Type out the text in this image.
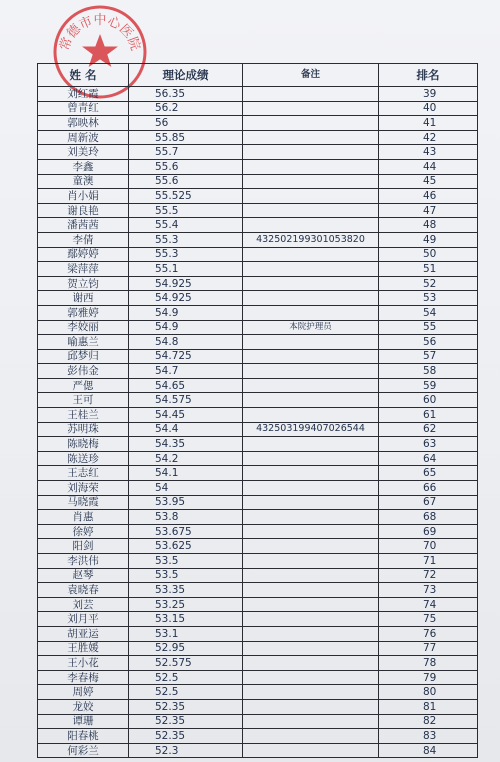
常德市中心医院
姓 名	理论成绩	备注	排名
刘红霞	56.35		39
曾青红	56.2		40
郭映林	56		41
周新波	55.85		42
刘美玲	55.7		43
李鑫	55.6		44
童澳	55.6		45
肖小娟	55.525		46
谢良艳	55.5		47
潘茜茜	55.4		48
李倩	55.3	432502199301053820	49
鄢婷婷	55.3		50
梁萍萍	55.1		51
贺立钧	54.925		52
谢西	54.925		53
郭雅婷	54.9		54
李姣丽	54.9	本院护理员	55
喻惠兰	54.8		56
邱梦归	54.725		57
彭伟金	54.7		58
严偲	54.65		59
王可	54.575		60
王桂兰	54.45		61
苏明珠	54.4	432503199407026544	62
陈晓梅	54.35		63
陈送珍	54.2		64
王志红	54.1		65
刘海荣	54		66
马晓霞	53.95		67
肖惠	53.8		68
徐婷	53.675		69
阳剑	53.625		70
李洪伟	53.5		71
赵琴	53.5		72
袁晓春	53.35		73
刘芸	53.25		74
刘月平	53.15		75
胡亚运	53.1		76
王胜媛	52.95		77
王小花	52.575		78
李春梅	52.5		79
周婷	52.5		80
龙姣	52.35		81
谭珊	52.35		82
阳春桃	52.35		83
何彩兰	52.3		84
